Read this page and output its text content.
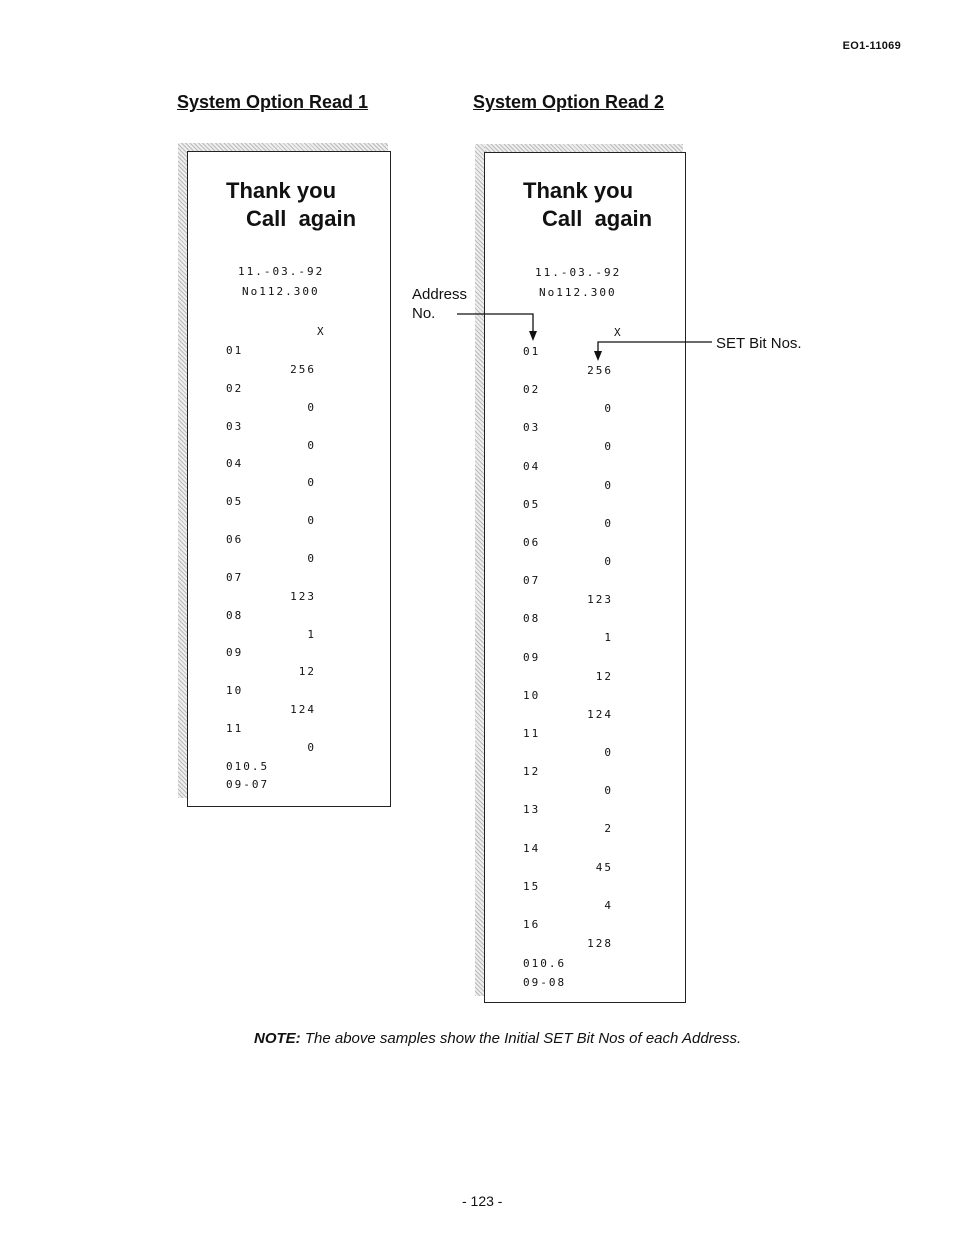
EO1-11069
System Option Read 1	System Option Read 2
Thank you
Call  again
11.-03.-92
No112.300
X
01
256
02
0
03
0
04
0
05
0
06
0
07
123
08
1
09
12
10
124
11
0
010.5
09-07
Thank you
Call  again
11.-03.-92
No112.300
X
01
256
02
0
03
0
04
0
05
0
06
0
07
123
08
1
09
12
10
124
11
0
12
0
13
2
14
45
15
4
16
128
010.6
09-08
Address
No.
SET Bit Nos.
NOTE: The above samples show the Initial SET Bit Nos of each Address.
- 123 -
